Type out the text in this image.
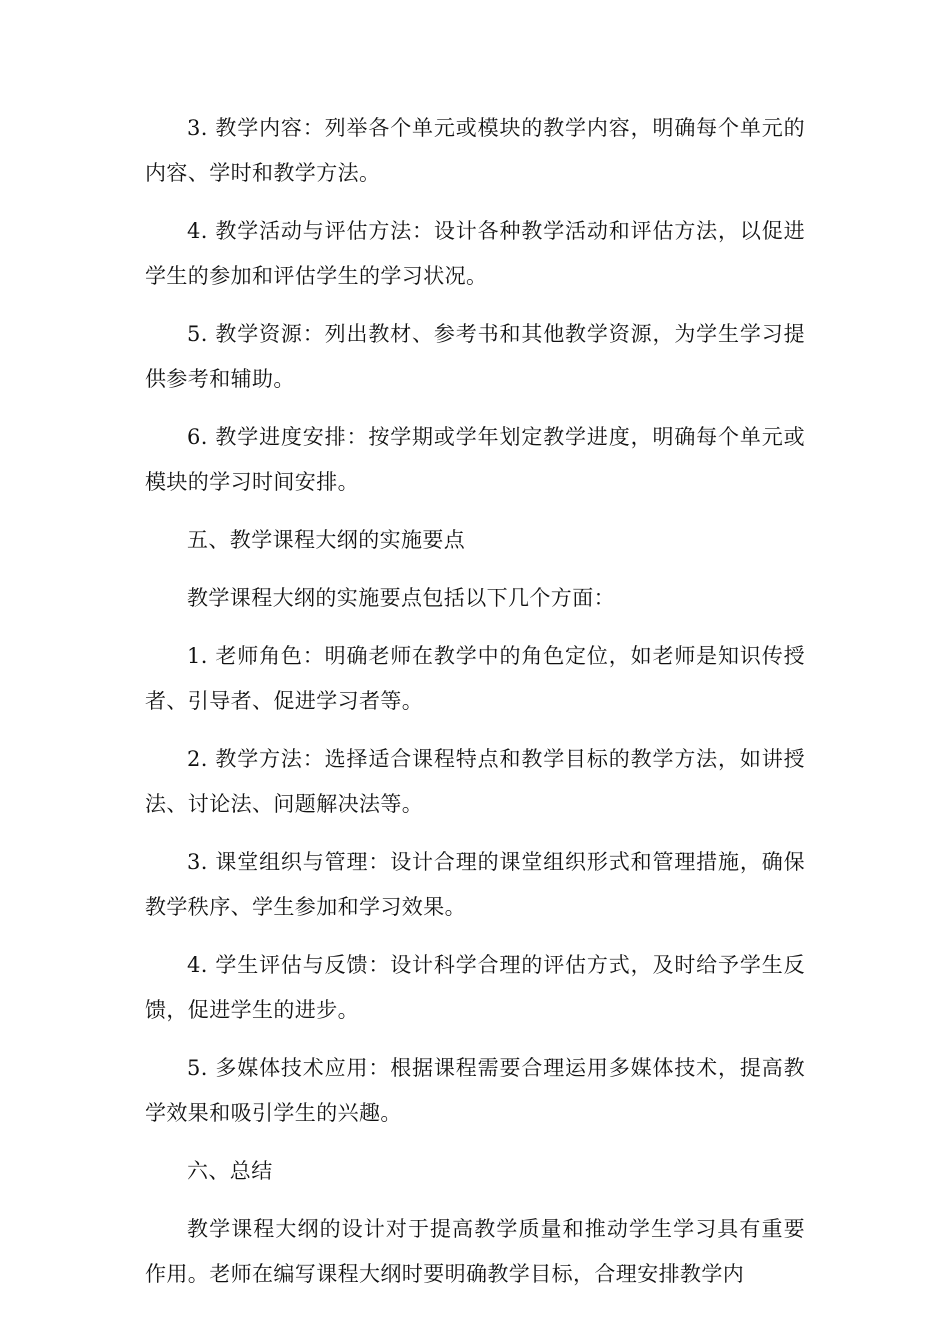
3. 教学内容：列举各个单元或模块的教学内容，明确每个单元的内容、学时和教学方法。

4. 教学活动与评估方法：设计各种教学活动和评估方法，以促进学生的参加和评估学生的学习状况。

5. 教学资源：列出教材、参考书和其他教学资源，为学生学习提供参考和辅助。

6. 教学进度安排：按学期或学年划定教学进度，明确每个单元或模块的学习时间安排。

五、教学课程大纲的实施要点

教学课程大纲的实施要点包括以下几个方面：

1. 老师角色：明确老师在教学中的角色定位，如老师是知识传授者、引导者、促进学习者等。

2. 教学方法：选择适合课程特点和教学目标的教学方法，如讲授法、讨论法、问题解决法等。

3. 课堂组织与管理：设计合理的课堂组织形式和管理措施，确保教学秩序、学生参加和学习效果。

4. 学生评估与反馈：设计科学合理的评估方式，及时给予学生反馈，促进学生的进步。

5. 多媒体技术应用：根据课程需要合理运用多媒体技术，提高教学效果和吸引学生的兴趣。

六、总结

教学课程大纲的设计对于提高教学质量和推动学生学习具有重要作用。老师在编写课程大纲时要明确教学目标，合理安排教学内
